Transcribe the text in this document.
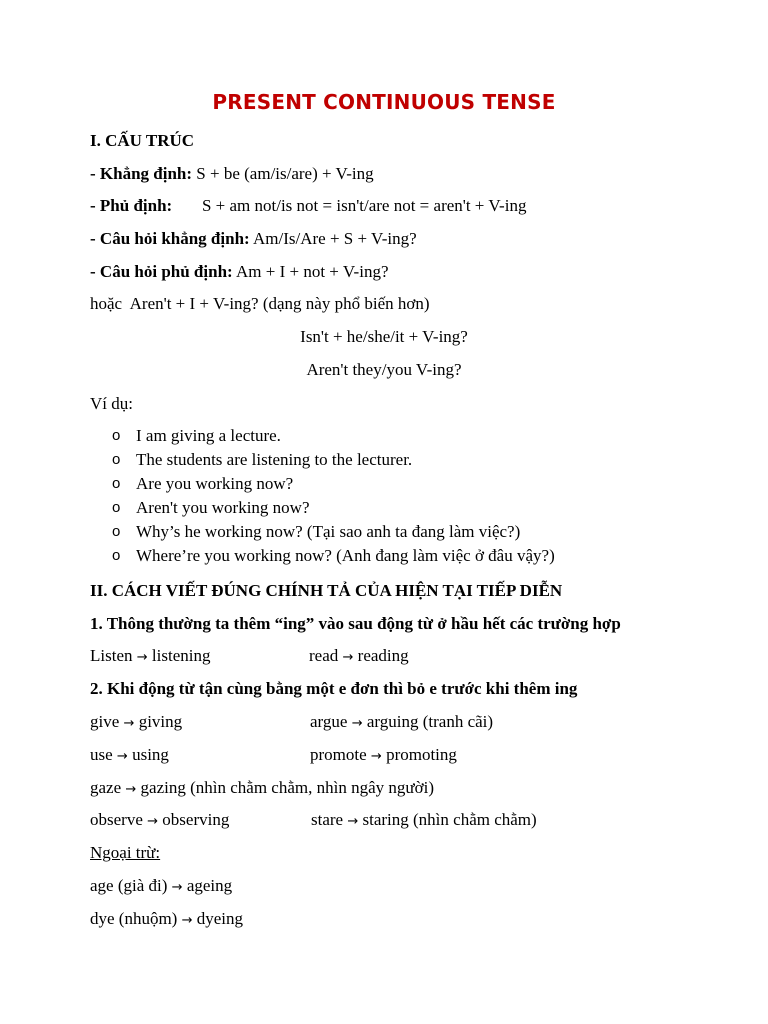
PRESENT CONTINUOUS TENSE
I. CẤU TRÚC
- Khẳng định: S + be (am/is/are) + V-ing
- Phủ định:       S + am not/is not = isn't/are not = aren't + V-ing
- Câu hỏi khẳng định: Am/Is/Are + S + V-ing?
- Câu hỏi phủ định: Am + I + not + V-ing?
hoặc  Aren't + I + V-ing? (dạng này phổ biến hơn)
Isn't + he/she/it + V-ing?
Aren't they/you V-ing?
Ví dụ:
o I am giving a lecture.
o The students are listening to the lecturer.
o Are you working now?
o Aren't you working now?
o Why’s he working now? (Tại sao anh ta đang làm việc?)
o Where’re you working now? (Anh đang làm việc ở đâu vậy?)
II. CÁCH VIẾT ĐÚNG CHÍNH TẢ CỦA HIỆN TẠI TIẾP DIỄN
1. Thông thường ta thêm “ing” vào sau động từ ở hầu hết các trường hợp
Listen → listening	read → reading
2. Khi động từ tận cùng bằng một e đơn thì bỏ e trước khi thêm ing
give → giving	argue → arguing (tranh cãi)
use → using	promote → promoting
gaze → gazing (nhìn chằm chằm, nhìn ngây người)
observe → observing	stare → staring (nhìn chằm chằm)
Ngoại trừ:
age (già đi) → ageing
dye (nhuộm) → dyeing
